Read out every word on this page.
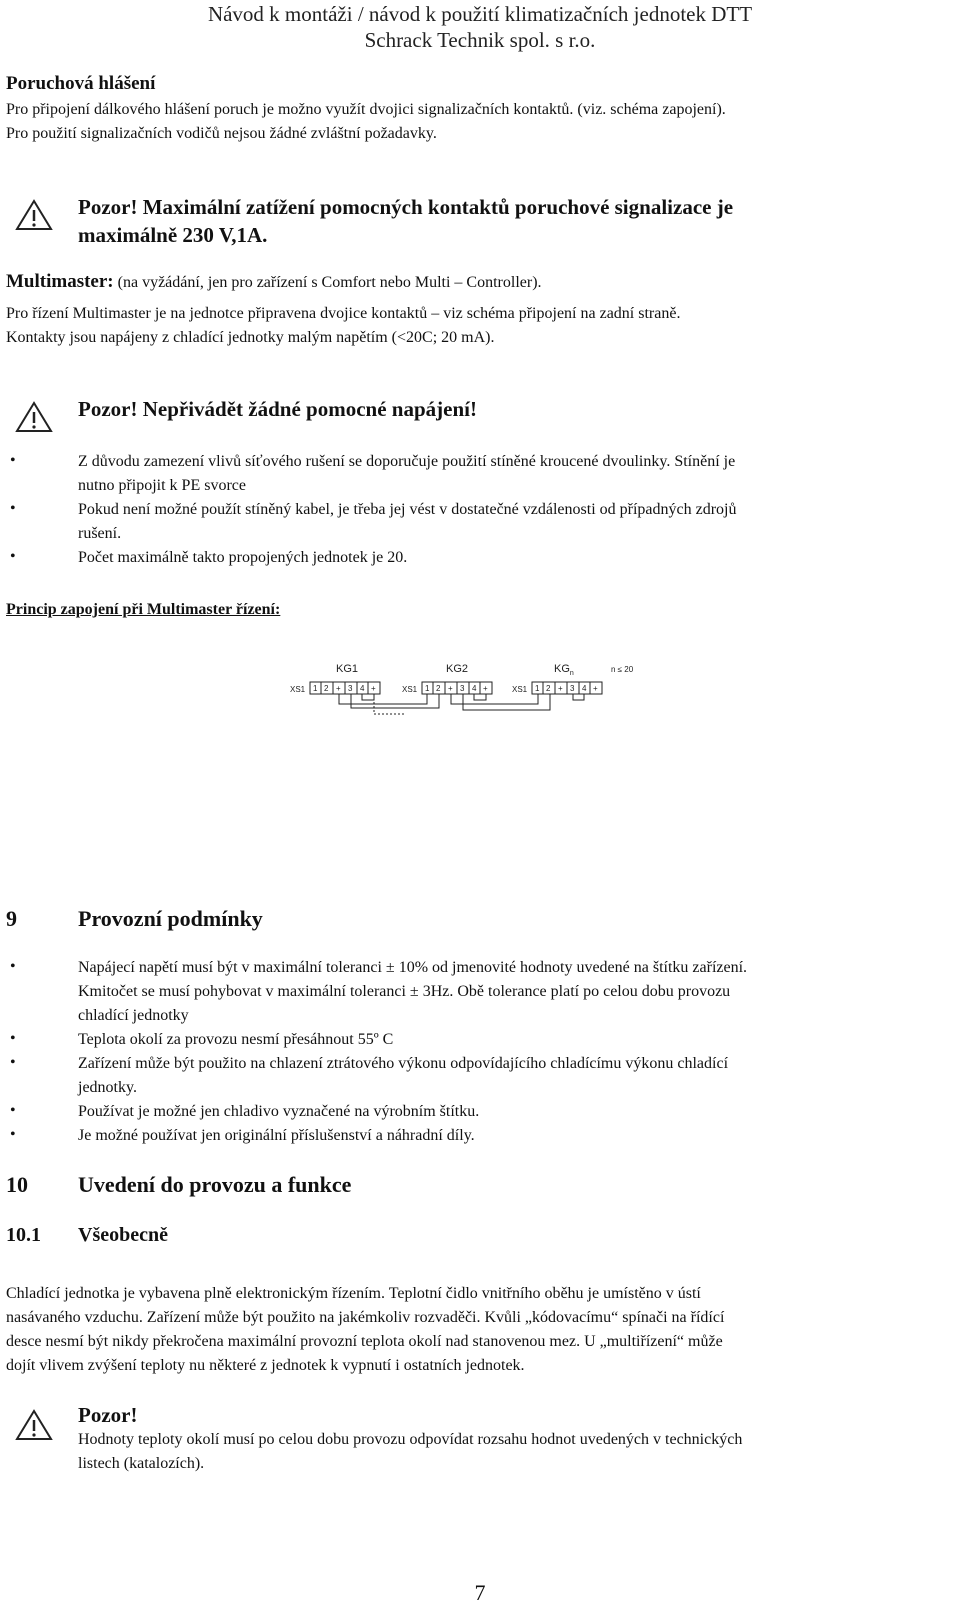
Návod k montáži / návod k použití klimatizačních jednotek DTT
Schrack Technik spol. s r.o.
Poruchová hlášení
Pro připojení dálkového hlášení poruch je možno využít dvojici signalizačních kontaktů. (viz. schéma zapojení).
Pro použití signalizačních vodičů nejsou žádné zvláštní požadavky.
Pozor! Maximální zatížení pomocných kontaktů poruchové signalizace je
maximálně 230 V,1A.
Multimaster: (na vyžádání, jen pro zařízení s Comfort nebo Multi – Controller).
Pro řízení Multimaster je na jednotce připravena dvojice kontaktů – viz schéma připojení na zadní straně.
Kontakty jsou napájeny z chladící jednotky malým napětím (<20C; 20 mA).
Pozor! Nepřivádět žádné pomocné napájení!
•	Z důvodu zamezení vlivů síťového rušení se doporučuje použití stíněné kroucené dvoulinky. Stínění je
nutno připojit k PE svorce
•	Pokud není možné použít stíněný kabel, je třeba jej vést v dostatečné vzdálenosti od případných zdrojů
rušení.
•	Počet maximálně takto propojených jednotek je 20.
Princip zapojení při Multimaster řízení:
KG1	KG2	$KG_n$	n ≤ 20
XS1	XS1	XS1
1 2 + 3 4 +	1 2 + 3 4 +	1 2 + 3 4 +
9	Provozní podmínky
•	Napájecí napětí musí být v maximální toleranci ± 10% od jmenovité hodnoty uvedené na štítku zařízení.
Kmitočet se musí pohybovat v maximální toleranci ± 3Hz. Obě tolerance platí po celou dobu provozu
chladící jednotky
•	Teplota okolí za provozu nesmí přesáhnout 55º C
•	Zařízení může být použito na chlazení ztrátového výkonu odpovídajícího chladícímu výkonu chladící
jednotky.
•	Používat je možné jen chladivo vyznačené na výrobním štítku.
•	Je možné používat jen originální příslušenství a náhradní díly.
10 Uvedení do provozu a funkce
10.1 Všeobecně
Chladící jednotka je vybavena plně elektronickým řízením. Teplotní čidlo vnitřního oběhu je umístěno v ústí
nasávaného vzduchu. Zařízení může být použito na jakémkoliv rozvaděči. Kvůli „kódovacímu“ spínači na řídící
desce nesmí být nikdy překročena maximální provozní teplota okolí nad stanovenou mez. U „multiřízení“ může
dojít vlivem zvýšení teploty nu některé z jednotek k vypnutí i ostatních jednotek.
Pozor!
Hodnoty teploty okolí musí po celou dobu provozu odpovídat rozsahu hodnot uvedených v technických
listech (katalozích).
7
